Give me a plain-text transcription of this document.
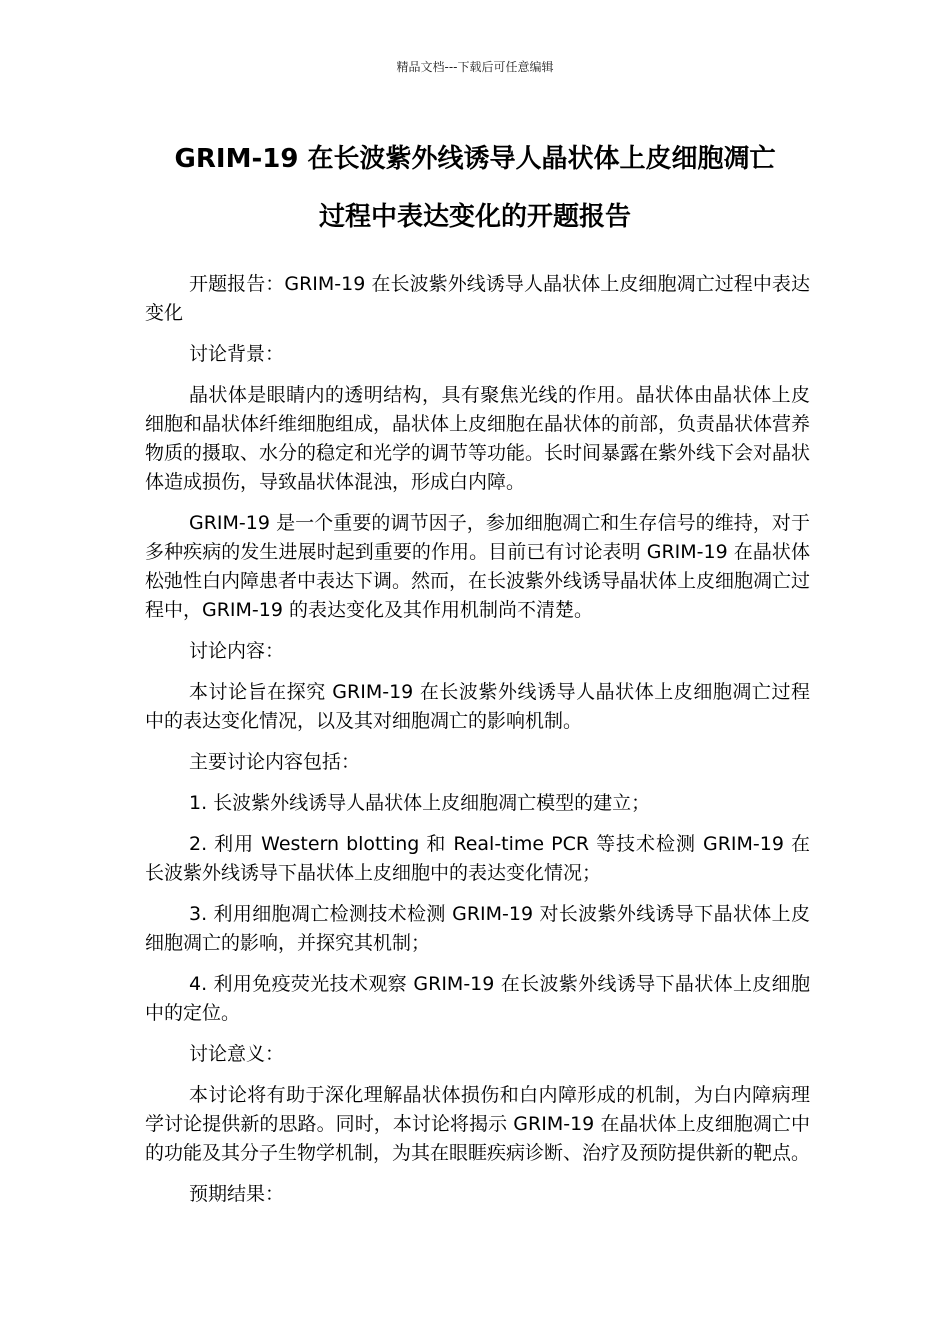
精品文档---下载后可任意编辑
GRIM-19 在长波紫外线诱导人晶状体上皮细胞凋亡
过程中表达变化的开题报告

开题报告：GRIM-19 在长波紫外线诱导人晶状体上皮细胞凋亡过程中表达变化

讨论背景：

晶状体是眼睛内的透明结构，具有聚焦光线的作用。晶状体由晶状体上皮细胞和晶状体纤维细胞组成，晶状体上皮细胞在晶状体的前部，负责晶状体营养物质的摄取、水分的稳定和光学的调节等功能。长时间暴露在紫外线下会对晶状体造成损伤，导致晶状体混浊，形成白内障。

GRIM-19 是一个重要的调节因子，参加细胞凋亡和生存信号的维持，对于多种疾病的发生进展时起到重要的作用。目前已有讨论表明 GRIM-19 在晶状体松弛性白内障患者中表达下调。然而，在长波紫外线诱导晶状体上皮细胞凋亡过程中，GRIM-19 的表达变化及其作用机制尚不清楚。

讨论内容：

本讨论旨在探究 GRIM-19 在长波紫外线诱导人晶状体上皮细胞凋亡过程中的表达变化情况，以及其对细胞凋亡的影响机制。

主要讨论内容包括：

1. 长波紫外线诱导人晶状体上皮细胞凋亡模型的建立；

2. 利用 Western blotting 和 Real-time PCR 等技术检测 GRIM-19 在长波紫外线诱导下晶状体上皮细胞中的表达变化情况；

3. 利用细胞凋亡检测技术检测 GRIM-19 对长波紫外线诱导下晶状体上皮细胞凋亡的影响，并探究其机制；

4. 利用免疫荧光技术观察 GRIM-19 在长波紫外线诱导下晶状体上皮细胞中的定位。

讨论意义：

本讨论将有助于深化理解晶状体损伤和白内障形成的机制，为白内障病理学讨论提供新的思路。同时，本讨论将揭示 GRIM-19 在晶状体上皮细胞凋亡中的功能及其分子生物学机制，为其在眼睚疾病诊断、治疗及预防提供新的靶点。

预期结果：
